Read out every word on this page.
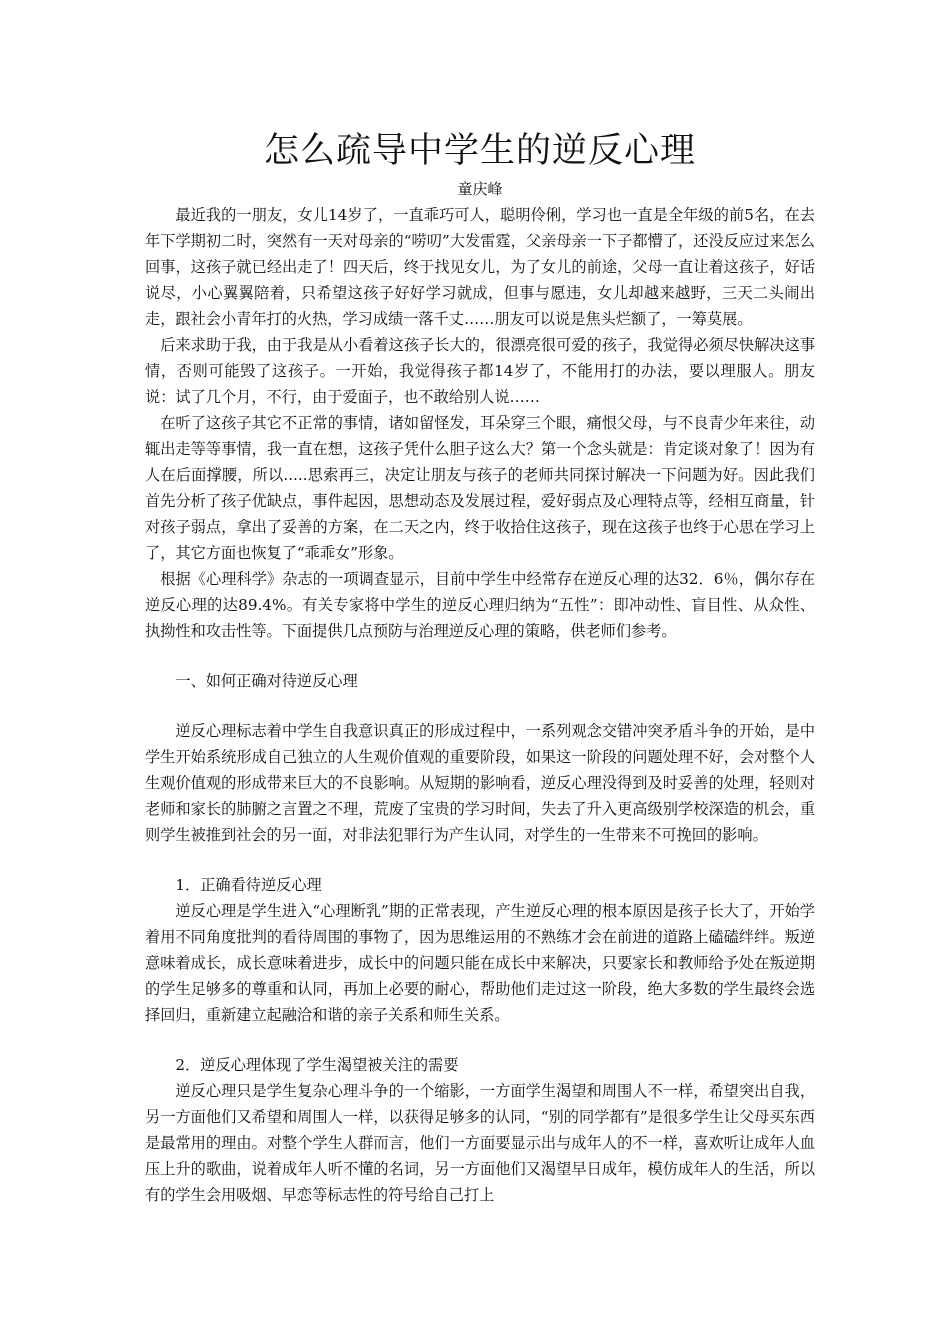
怎么疏导中学生的逆反心理
童庆峰

最近我的一朋友，女儿14岁了，一直乖巧可人，聪明伶俐，学习也一直是全年级的前5名，在去年下学期初二时，突然有一天对母亲的“唠叨”大发雷霆，父亲母亲一下子都懵了，还没反应过来怎么回事，这孩子就已经出走了！四天后，终于找见女儿，为了女儿的前途，父母一直让着这孩子，好话说尽，小心翼翼陪着，只希望这孩子好好学习就成，但事与愿违，女儿却越来越野，三天二头闹出走，跟社会小青年打的火热，学习成绩一落千丈……朋友可以说是焦头烂额了，一筹莫展。

后来求助于我，由于我是从小看着这孩子长大的，很漂亮很可爱的孩子，我觉得必须尽快解决这事情，否则可能毁了这孩子。一开始，我觉得孩子都14岁了，不能用打的办法，要以理服人。朋友说：试了几个月，不行，由于爱面子，也不敢给别人说……

在听了这孩子其它不正常的事情，诸如留怪发，耳朵穿三个眼，痛恨父母，与不良青少年来往，动辄出走等等事情，我一直在想，这孩子凭什么胆子这么大？第一个念头就是：肯定谈对象了！因为有人在后面撑腰，所以.....思索再三，决定让朋友与孩子的老师共同探讨解决一下问题为好。因此我们首先分析了孩子优缺点，事件起因，思想动态及发展过程，爱好弱点及心理特点等，经相互商量，针对孩子弱点，拿出了妥善的方案，在二天之内，终于收拾住这孩子，现在这孩子也终于心思在学习上了，其它方面也恢复了“乖乖女”形象。

根据《心理科学》杂志的一项调查显示，目前中学生中经常存在逆反心理的达32．6％，偶尔存在逆反心理的达89.4%。有关专家将中学生的逆反心理归纳为“五性”：即冲动性、盲目性、从众性、执拗性和攻击性等。下面提供几点预防与治理逆反心理的策略，供老师们参考。

一、如何正确对待逆反心理

逆反心理标志着中学生自我意识真正的形成过程中，一系列观念交错冲突矛盾斗争的开始，是中学生开始系统形成自己独立的人生观价值观的重要阶段，如果这一阶段的问题处理不好，会对整个人生观价值观的形成带来巨大的不良影响。从短期的影响看，逆反心理没得到及时妥善的处理，轻则对老师和家长的肺腑之言置之不理，荒废了宝贵的学习时间，失去了升入更高级别学校深造的机会，重则学生被推到社会的另一面，对非法犯罪行为产生认同，对学生的一生带来不可挽回的影响。

1．正确看待逆反心理

逆反心理是学生进入“心理断乳”期的正常表现，产生逆反心理的根本原因是孩子长大了，开始学着用不同角度批判的看待周围的事物了，因为思维运用的不熟练才会在前进的道路上磕磕绊绊。叛逆意味着成长，成长意味着进步，成长中的问题只能在成长中来解决，只要家长和教师给予处在叛逆期的学生足够多的尊重和认同，再加上必要的耐心，帮助他们走过这一阶段，绝大多数的学生最终会选择回归，重新建立起融洽和谐的亲子关系和师生关系。

2．逆反心理体现了学生渴望被关注的需要

逆反心理只是学生复杂心理斗争的一个缩影，一方面学生渴望和周围人不一样，希望突出自我，另一方面他们又希望和周围人一样，以获得足够多的认同，“别的同学都有”是很多学生让父母买东西是最常用的理由。对整个学生人群而言，他们一方面要显示出与成年人的不一样，喜欢听让成年人血压上升的歌曲，说着成年人听不懂的名词，另一方面他们又渴望早日成年，模仿成年人的生活，所以有的学生会用吸烟、早恋等标志性的符号给自己打上
